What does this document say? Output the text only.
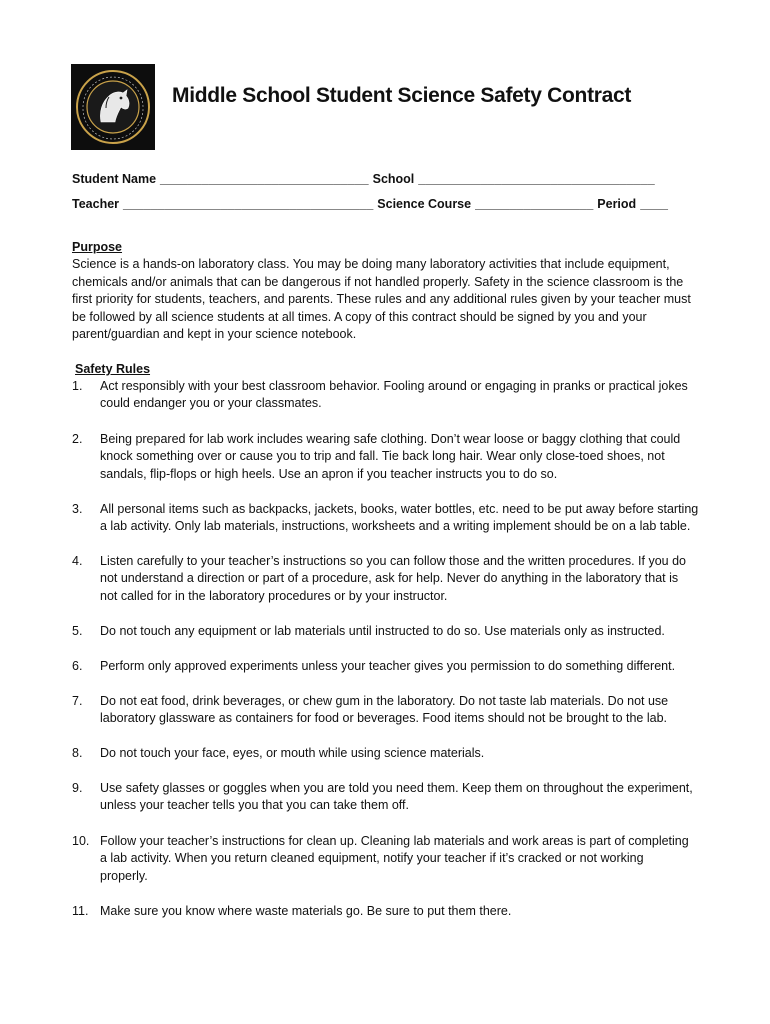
Middle School Student Science Safety Contract
Student Name ______________________________ School __________________________________
Teacher ____________________________________ Science Course _________________ Period ____
Purpose
Science is a hands-on laboratory class. You may be doing many laboratory activities that include equipment,
chemicals and/or animals that can be dangerous if not handled properly. Safety in the science classroom is the
first priority for students, teachers, and parents. These rules and any additional rules given by your teacher must
be followed by all science students at all times. A copy of this contract should be signed by you and your
parent/guardian and kept in your science notebook.
Safety Rules
1. Act responsibly with your best classroom behavior. Fooling around or engaging in pranks or practical jokes
could endanger you or your classmates.
2. Being prepared for lab work includes wearing safe clothing. Don’t wear loose or baggy clothing that could
knock something over or cause you to trip and fall. Tie back long hair. Wear only close-toed shoes, not
sandals, flip-flops or high heels. Use an apron if you teacher instructs you to do so.
3. All personal items such as backpacks, jackets, books, water bottles, etc. need to be put away before starting
a lab activity. Only lab materials, instructions, worksheets and a writing implement should be on a lab table.
4. Listen carefully to your teacher’s instructions so you can follow those and the written procedures. If you do
not understand a direction or part of a procedure, ask for help. Never do anything in the laboratory that is
not called for in the laboratory procedures or by your instructor.
5. Do not touch any equipment or lab materials until instructed to do so. Use materials only as instructed.
6. Perform only approved experiments unless your teacher gives you permission to do something different.
7. Do not eat food, drink beverages, or chew gum in the laboratory. Do not taste lab materials. Do not use
laboratory glassware as containers for food or beverages. Food items should not be brought to the lab.
8. Do not touch your face, eyes, or mouth while using science materials.
9. Use safety glasses or goggles when you are told you need them. Keep them on throughout the experiment,
unless your teacher tells you that you can take them off.
10. Follow your teacher’s instructions for clean up. Cleaning lab materials and work areas is part of completing
a lab activity. When you return cleaned equipment, notify your teacher if it’s cracked or not working
properly.
11. Make sure you know where waste materials go. Be sure to put them there.
